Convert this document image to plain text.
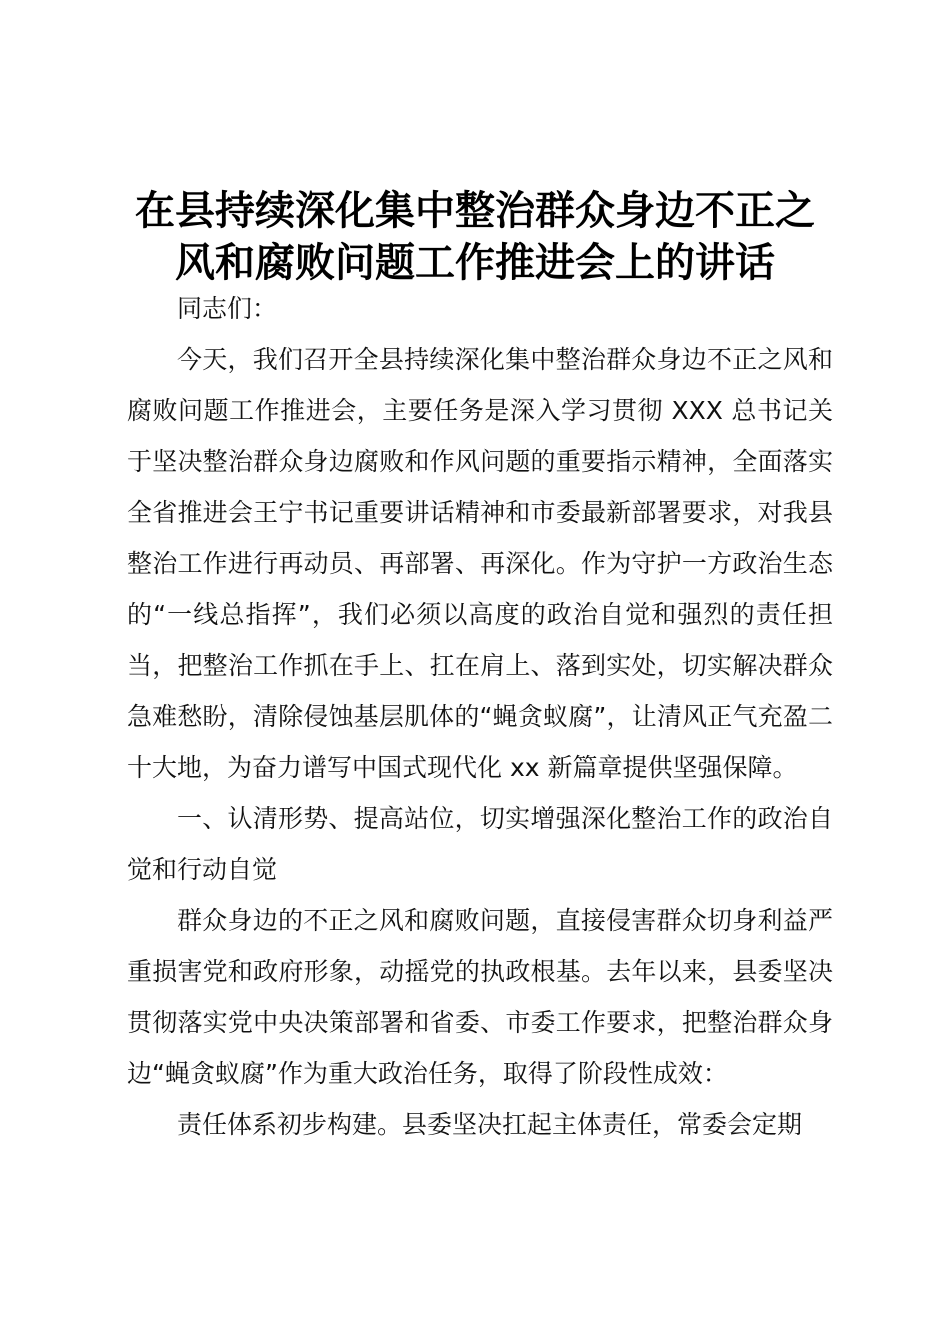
在县持续深化集中整治群众身边不正之风和腐败问题工作推进会上的讲话

同志们：

今天，我们召开全县持续深化集中整治群众身边不正之风和腐败问题工作推进会，主要任务是深入学习贯彻 XXX 总书记关于坚决整治群众身边腐败和作风问题的重要指示精神，全面落实全省推进会王宁书记重要讲话精神和市委最新部署要求，对我县整治工作进行再动员、再部署、再深化。作为守护一方政治生态的“一线总指挥”，我们必须以高度的政治自觉和强烈的责任担当，把整治工作抓在手上、扛在肩上、落到实处，切实解决群众急难愁盼，清除侵蚀基层肌体的“蝇贪蚁腐”，让清风正气充盈二十大地，为奋力谱写中国式现代化 xx 新篇章提供坚强保障。

一、认清形势、提高站位，切实增强深化整治工作的政治自觉和行动自觉

群众身边的不正之风和腐败问题，直接侵害群众切身利益严重损害党和政府形象，动摇党的执政根基。去年以来，县委坚决贯彻落实党中央决策部署和省委、市委工作要求，把整治群众身边“蝇贪蚁腐”作为重大政治任务，取得了阶段性成效：

责任体系初步构建。县委坚决扛起主体责任，常委会定期
